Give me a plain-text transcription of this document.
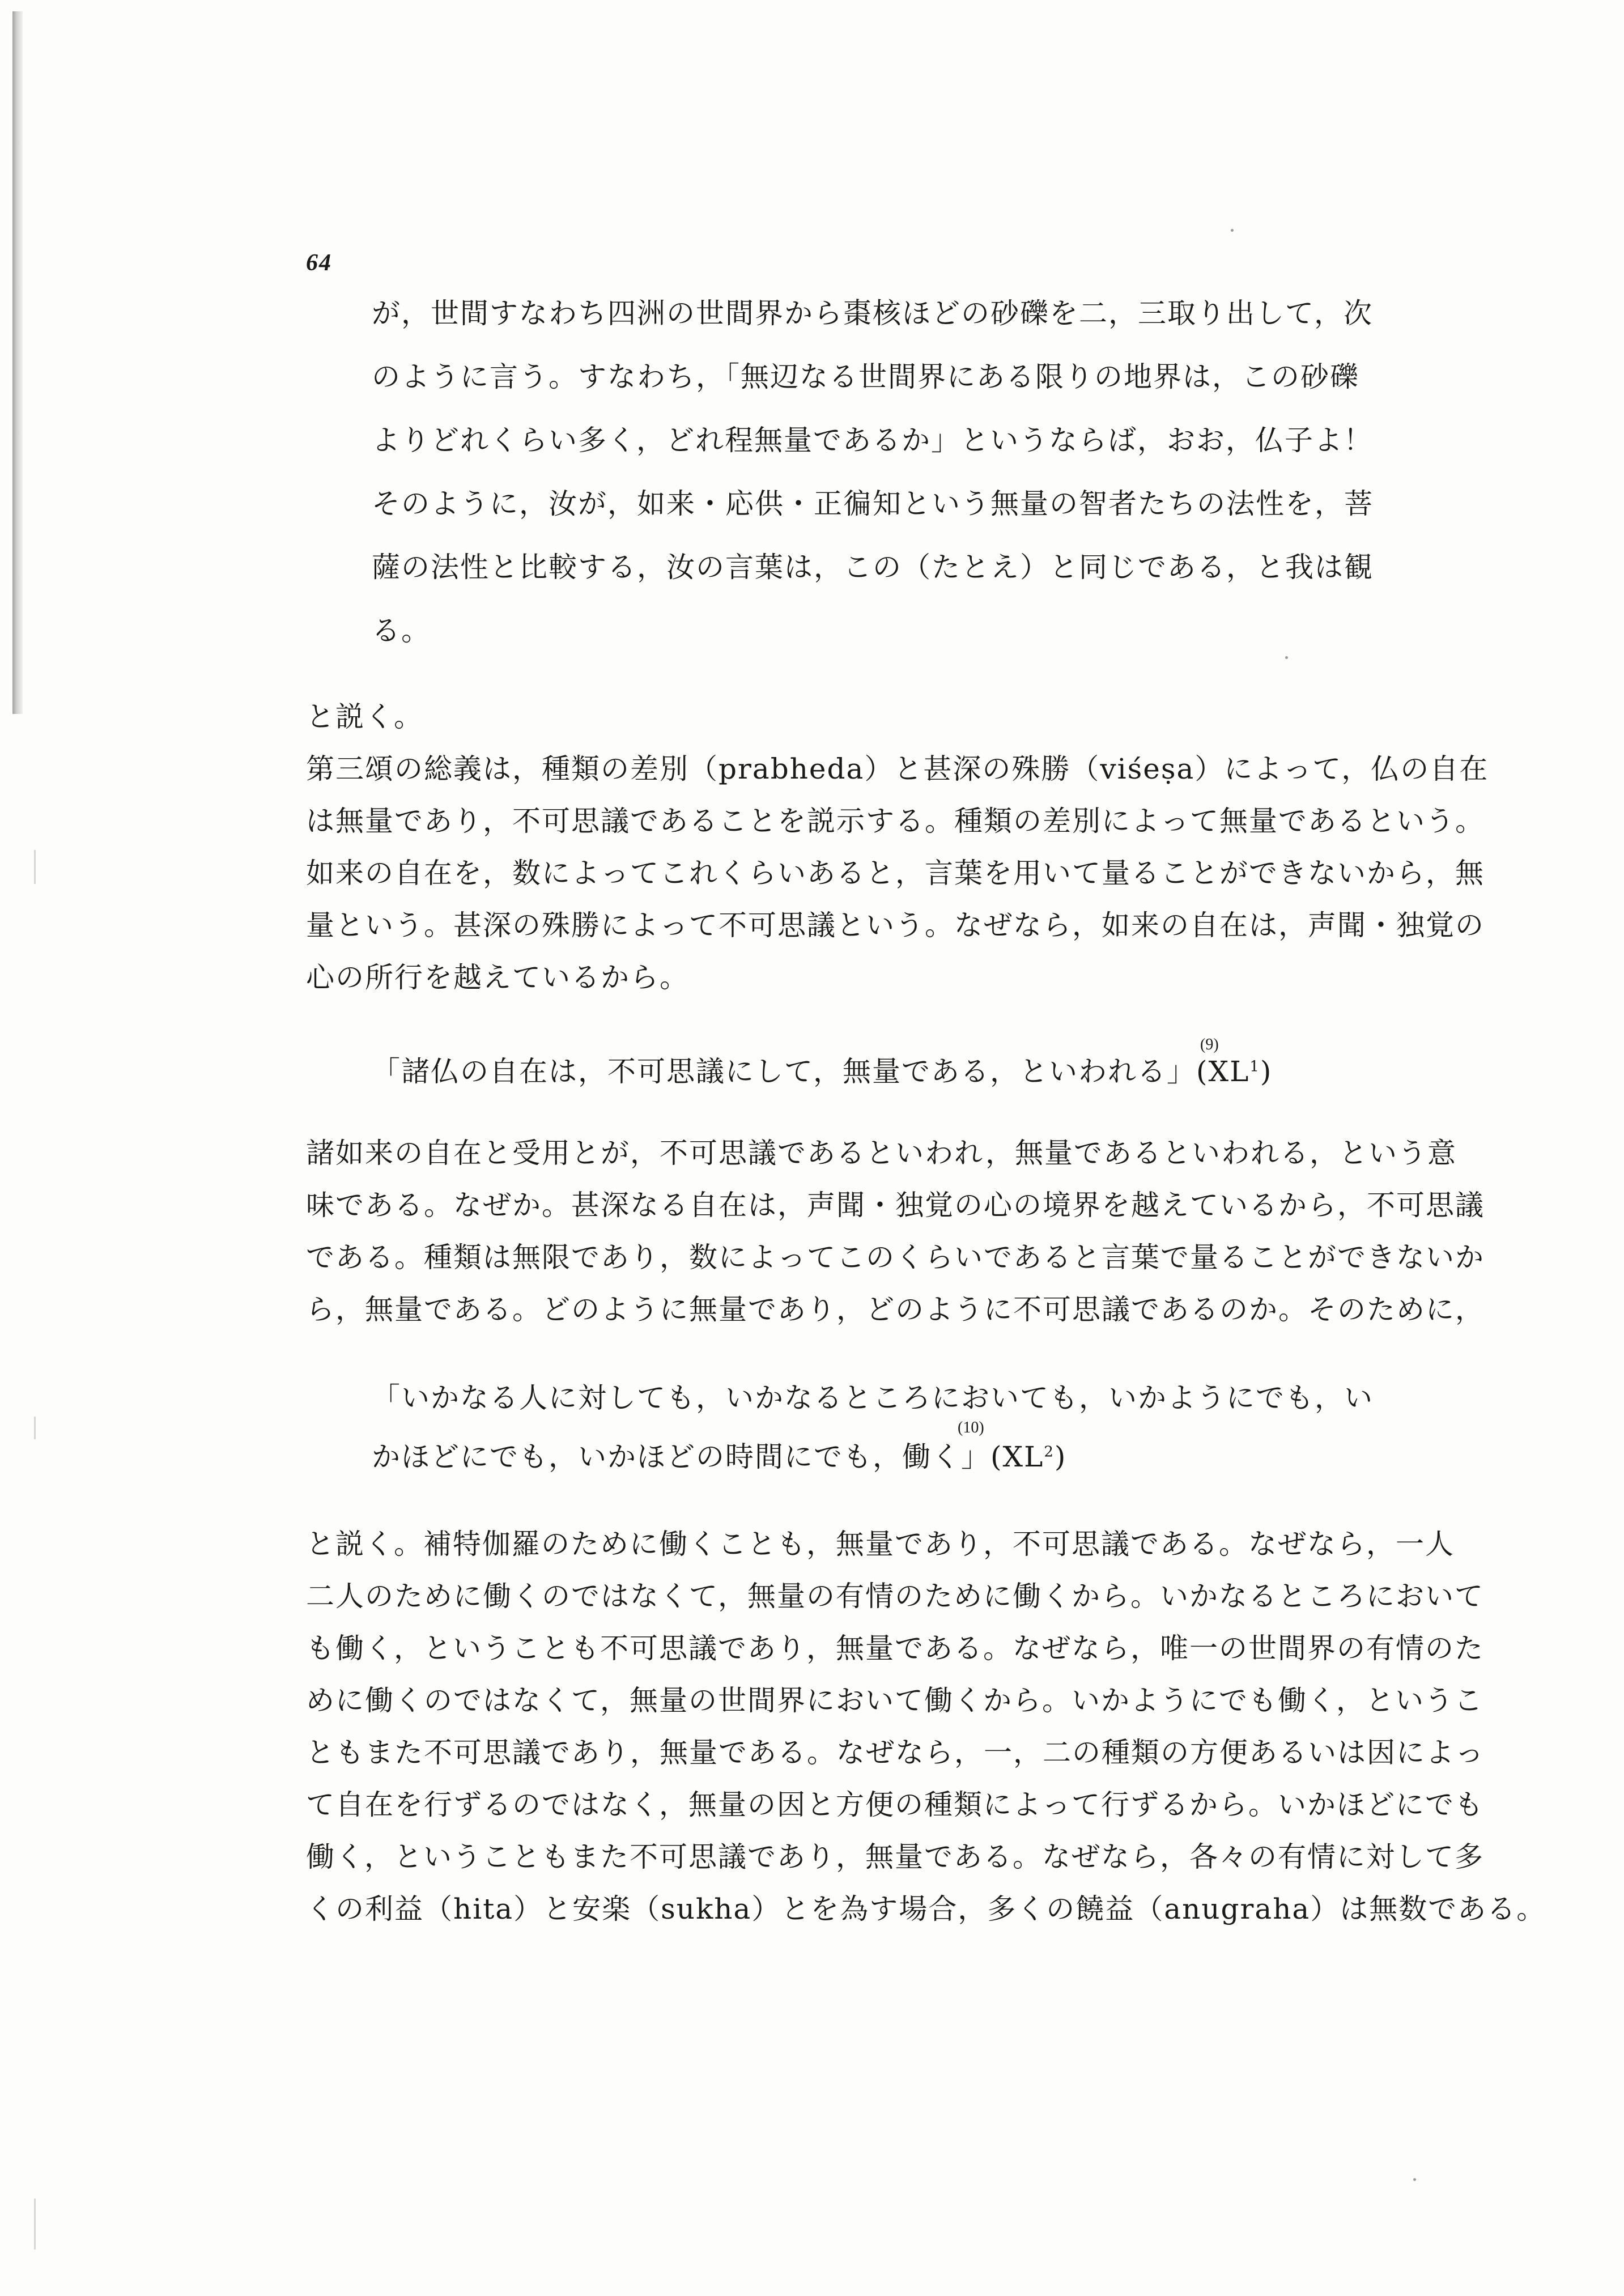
64
が，世間すなわち四洲の世間界から棗核ほどの砂礫を二，三取り出して，次
のように言う。すなわち，「無辺なる世間界にある限りの地界は，この砂礫
よりどれくらい多く，どれ程無量であるか」というならば，おお，仏子よ！
そのように，汝が，如来・応供・正徧知という無量の智者たちの法性を，菩
薩の法性と比較する，汝の言葉は，この（たとえ）と同じである，と我は観
る。
と説く。
第三頌の総義は，種類の差別（prabheda）と甚深の殊勝（viśeṣa）によって，仏の自在
は無量であり，不可思議であることを説示する。種類の差別によって無量であるという。
如来の自在を，数によってこれくらいあると，言葉を用いて量ることができないから，無
量という。甚深の殊勝によって不可思議という。なぜなら，如来の自在は，声聞・独覚の
心の所行を越えているから。
「諸仏の自在は，不可思議にして，無量である，といわれる」$(XL^1)$
(9)
諸如来の自在と受用とが，不可思議であるといわれ，無量であるといわれる，という意
味である。なぜか。甚深なる自在は，声聞・独覚の心の境界を越えているから，不可思議
である。種類は無限であり，数によってこのくらいであると言葉で量ることができないか
ら，無量である。どのように無量であり，どのように不可思議であるのか。そのために，
「いかなる人に対しても，いかなるところにおいても，いかようにでも，い
かほどにでも，いかほどの時間にでも，働く」$(XL^2)$
(10)
と説く。補特伽羅のために働くことも，無量であり，不可思議である。なぜなら，一人
二人のために働くのではなくて，無量の有情のために働くから。いかなるところにおいて
も働く，ということも不可思議であり，無量である。なぜなら，唯一の世間界の有情のた
めに働くのではなくて，無量の世間界において働くから。いかようにでも働く，というこ
ともまた不可思議であり，無量である。なぜなら，一，二の種類の方便あるいは因によっ
て自在を行ずるのではなく，無量の因と方便の種類によって行ずるから。いかほどにでも
働く，ということもまた不可思議であり，無量である。なぜなら，各々の有情に対して多
くの利益（hita）と安楽（sukha）とを為す場合，多くの饒益（anugraha）は無数である。
